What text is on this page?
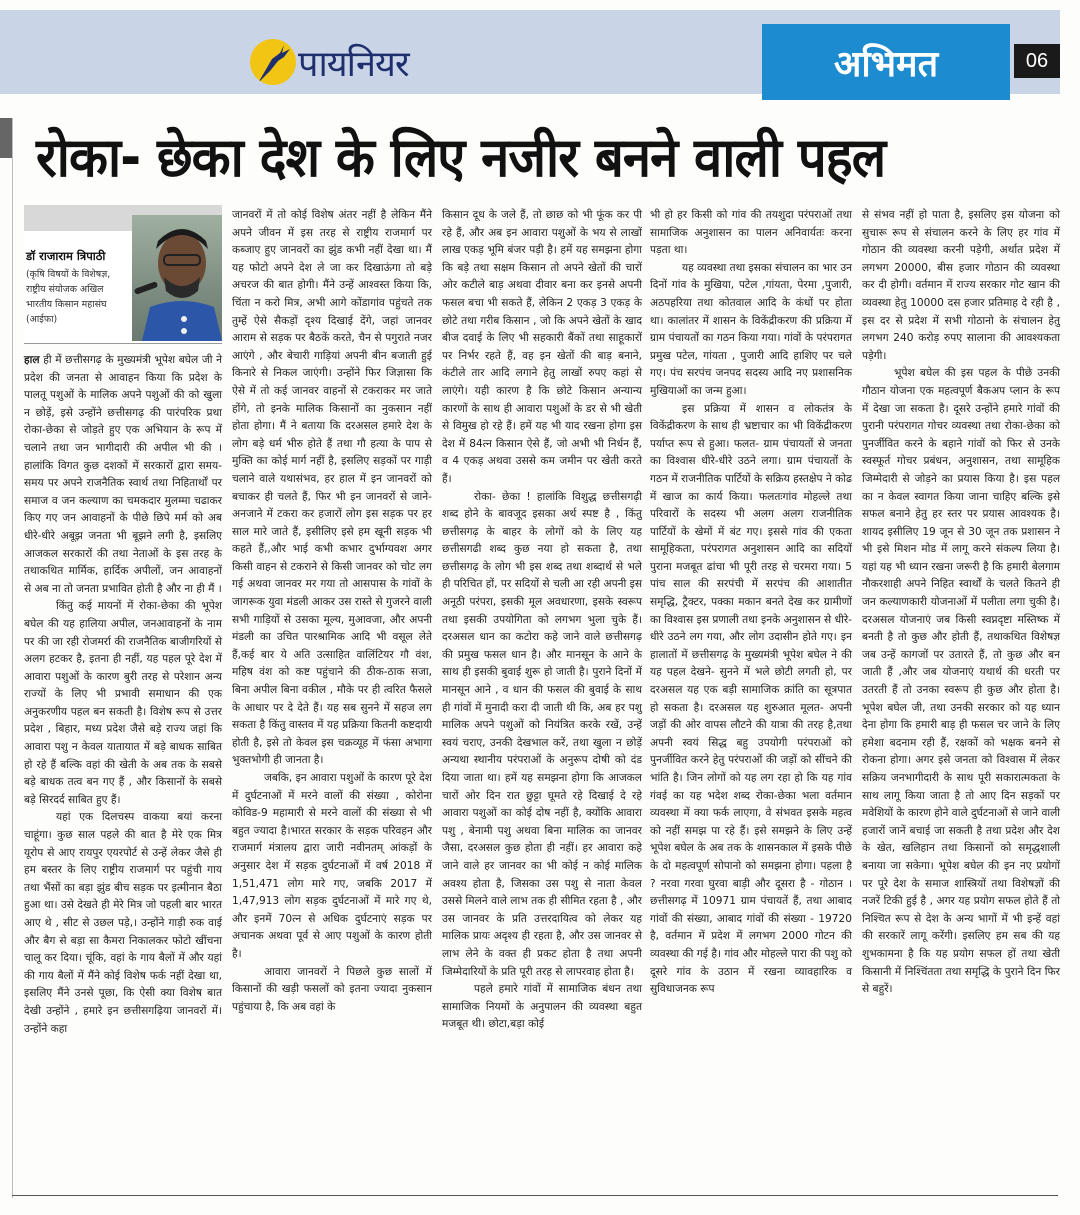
पायनियर	अभिमत	06
रोका- छेका देश के लिए नजीर बनने वाली पहल
डॉ राजाराम त्रिपाठी
(कृषि विषयों के विशेषज्ञ, राष्ट्रीय संयोजक अखिल भारतीय किसान महासंघ (आईफा)

हाल ही में छत्तीसगढ़ के मुख्यमंत्री भूपेश बघेल जी ने प्रदेश की जनता से आवाहन किया कि प्रदेश के पालतू पशुओं के मालिक अपने पशुओं की को खुला न छोड़ें, इसे उन्होंने छत्तीसगढ़ की पारंपरिक प्रथा रोका-छेका से जोड़ते हुए एक अभियान के रूप में चलाने तथा जन भागीदारी की अपील भी की । हालांकि विगत कुछ दशकों में सरकारों द्वारा समय-समय पर अपने राजनैतिक स्वार्थ तथा निहितार्थों पर समाज व जन कल्याण का चमकदार मुलम्मा चढाकर किए गए जन आवाहनों के पीछे छिपे मर्म को अब धीरे-धीरे अबूझ जनता भी बूझने लगी है, इसलिए आजकल सरकारों की तथा नेताओं के इस तरह के तथाकथित मार्मिक, हार्दिक अपीलों, जन आवाहनों से अब ना तो जनता प्रभावित होती है और ना ही मैं ।

किंतु कई मायनों में रोका-छेका की भूपेश बघेल की यह हालिया अपील, जनआवाहनों के नाम पर की जा रही रोजमर्रा की राजनैतिक बाजीगरियों से अलग हटकर है, इतना ही नहीं, यह पहल पूरे देश में आवारा पशुओं के कारण बुरी तरह से परेशान अन्य राज्यों के लिए भी प्रभावी समाधान की एक अनुकरणीय पहल बन सकती है। विशेष रूप से उत्तर प्रदेश , बिहार, मध्य प्रदेश जैसे बड़े राज्य जहां कि आवारा पशु न केवल यातायात में बड़े बाधक साबित हो रहे हैं बल्कि वहां की खेती के अब तक के सबसे बड़े बाधक तत्व बन गए हैं , और किसानों के सबसे बड़े सिरदर्द साबित हुए हैं।

यहां एक दिलचस्प वाकया बयां करना चाहूंगा। कुछ साल पहले की बात है मेरे एक मित्र यूरोप से आए रायपुर एयरपोर्ट से उन्हें लेकर जैसे ही हम बस्तर के लिए राष्ट्रीय राजमार्ग पर पहुंची गाय तथा भैंसों का बड़ा झुंड बीच सड़क पर इत्मीनान बैठा हुआ था। उसे देखते ही मेरे मित्र जो पहली बार भारत आए थे , सीट से उछल पड़े,। उन्होंने गाड़ी रुक वाई और बैग से बड़ा सा कैमरा निकालकर फोटो खींचना चालू कर दिया। चूंकि, वहां के गाय बैलों में और यहां की गाय बैलों में मैंने कोई विशेष फर्क नहीं देखा था, इसलिए मैंने उनसे पूछा, कि ऐसी क्या विशेष बात देखी उन्होंने , हमारे इन छत्तीसगढ़िया जानवरों में। उन्होंने कहा

जानवरों में तो कोई विशेष अंतर नहीं है लेकिन मैंने अपने जीवन में इस तरह से राष्ट्रीय राजमार्ग पर कब्जाए हुए जानवरों का झुंड कभी नहीं देखा था। मैं यह फोटो अपने देश ले जा कर दिखाऊंगा तो बड़े अचरज की बात होगी। मैंने उन्हें आश्वस्त किया कि, चिंता न करो मित्र, अभी आगे कोंडागांव पहुंचते तक तुम्हें ऐसे सैकड़ों दृश्य दिखाई देंगे, जहां जानवर आराम से सड़क पर बैठकें करते, चैन से पगुराते नजर आएंगे , और बेचारी गाड़ियां अपनी बीन बजाती हुई किनारे से निकल जाएंगी। उन्होंने फिर जिज्ञासा कि ऐसे में तो कई जानवर वाहनों से टकराकर मर जाते होंगे, तो इनके मालिक किसानों का नुकसान नहीं होता होगा। मैं ने बताया कि दरअसल हमारे देश के लोग बड़े धर्म भीरु होते हैं तथा गौ हत्या के पाप से मुक्ति का कोई मार्ग नहीं है, इसलिए सड़कों पर गाड़ी चलाने वाले यथासंभव, हर हाल में इन जानवरों को बचाकर ही चलते हैं, फिर भी इन जानवरों से जाने-अनजाने में टकरा कर हजारों लोग इस सड़क पर हर साल मारे जाते हैं, इसीलिए इसे हम खूनी सड़क भी कहते हैं,,और भाई कभी कभार दुर्भाग्यवश अगर किसी वाहन से टकराने से किसी जानवर को चोट लग गई अथवा जानवर मर गया तो आसपास के गांवों के जागरूक युवा मंडली आकर उस रास्ते से गुजरने वाली सभी गाड़ियों से उसका मूल्य, मुआवजा, और अपनी मंडली का उचित पारश्रामिक आदि भी वसूल लेते हैं,कई बार ये अति उत्साहित वालिंटियर गौ वंश, महिष वंश को कष्ट पहुंचाने की ठीक-ठाक सजा, बिना अपील बिना वकील , मौके पर ही त्वरित फैसले के आधार पर दे देते हैं। यह सब सुनने में सहज लग सकता है किंतु वास्तव में यह प्रक्रिया कितनी कष्टदायी होती है, इसे तो केवल इस चक्रव्यूह में फंसा अभागा भुक्तभोगी ही जानता है।

जबकि, इन आवारा पशुओं के कारण पूरे देश में दुर्घटनाओं में मरने वालों की संख्या , कोरोना कोविड-9 महामारी से मरने वालों की संख्या से भी बहुत ज्यादा है।भारत सरकार के सड़क परिवहन और राजमार्ग मंत्रालय द्वारा जारी नवीनतम् आंकड़ों के अनुसार देश में सड़क दुर्घटनाओं में वर्ष 2018 में 1,51,471 लोग मारे गए, जबकि 2017 में 1,47,913 लोग सड़क दुर्घटनाओं में मारे गए थे, और इनमें 70त्न से अधिक दुर्घटनाएं सड़क पर अचानक अथवा पूर्व से आए पशुओं के कारण होती है।

आवारा जानवरों ने पिछले कुछ सालों में किसानों की खड़ी फसलों को इतना ज्यादा नुकसान पहुंचाया है, कि अब वहां के

किसान दूध के जले हैं, तो छाछ को भी फूंक कर पी रहे हैं, और अब इन आवारा पशुओं के भय से लाखों लाख एकड़ भूमि बंजर पड़ी है। हमें यह समझना होगा कि बड़े तथा सक्षम किसान तो अपने खेतों की चारों ओर कटीले बाड़ अथवा दीवार बना कर इनसे अपनी फसल बचा भी सकते हैं, लेकिन 2 एकड़ 3 एकड़ के छोटे तथा गरीब किसान , जो कि अपने खेतों के खाद बीज दवाई के लिए भी सहकारी बैंकों तथा साहूकारों पर निर्भर रहते हैं, वह इन खेतों की बाड़ बनाने, कंटीले तार आदि लगाने हेतु लाखों रुपए कहां से लाएंगे। यही कारण है कि छोटे किसान अन्यान्य कारणों के साथ ही आवारा पशुओं के डर से भी खेती से विमुख हो रहे हैं। हमें यह भी याद रखना होगा इस देश में 84त्न किसान ऐसे हैं, जो अभी भी निर्धन हैं, व 4 एकड़ अथवा उससे कम जमीन पर खेती करते हैं।

रोका- छेका ! हालांकि विशुद्ध छत्तीसगढ़ी शब्द होने के बावजूद इसका अर्थ स्पष्ट है , किंतु छत्तीसगढ़ के बाहर के लोगों को के लिए यह छत्तीसगढी शब्द कुछ नया हो सकता है, तथा छत्तीसगढ़ के लोग भी इस शब्द तथा शब्दार्थ से भले ही परिचित हों, पर सदियों से चली आ रही अपनी इस अनूठी परंपरा, इसकी मूल अवधारणा, इसके स्वरूप तथा इसकी उपयोगिता को लगभग भुला चुके हैं। दरअसल धान का कटोरा कहे जाने वाले छत्तीसगढ़ की प्रमुख फसल धान है। और मानसून के आने के साथ ही इसकी बुवाई शुरू हो जाती है। पुराने दिनों में मानसून आने , व धान की फसल की बुवाई के साथ ही गांवों में मुनादी करा दी जाती थी कि, अब हर पशु मालिक अपने पशुओं को नियंत्रित करके रखें, उन्हें स्वयं चराए, उनकी देखभाल करें, तथा खुला न छोड़ें अन्यथा स्थानीय परंपराओं के अनुरूप दोषी को दंड दिया जाता था। हमें यह समझना होगा कि आजकल चारों ओर दिन रात छुट्टा घूमते रहे दिखाई दे रहे आवारा पशुओं का कोई दोष नहीं है, क्योंकि आवारा पशु , बेनामी पशु अथवा बिना मालिक का जानवर जैसा, दरअसल कुछ होता ही नहीं। हर आवारा कहे जाने वाले हर जानवर का भी कोई न कोई मालिक अवश्य होता है, जिसका उस पशु से नाता केवल उससे मिलने वाले लाभ तक ही सीमित रहता है , और उस जानवर के प्रति उत्तरदायित्व को लेकर यह मालिक प्रायः अदृश्य ही रहता है, और उस जानवर से लाभ लेने के वक्त ही प्रकट होता है तथा अपनी जिम्मेदारियों के प्रति पूरी तरह से लापरवाह होता है।

पहले हमारे गांवों में सामाजिक बंधन तथा सामाजिक नियमों के अनुपालन की व्यवस्था बहुत मजबूत थी। छोटा,बड़ा कोई

भी हो हर किसी को गांव की तयशुदा परंपराओं तथा सामाजिक अनुशासन का पालन अनिवार्यतः करना पड़ता था।

यह व्यवस्था तथा इसका संचालन का भार उन दिनों गांव के मुखिया, पटेल ,गांयता, पेरमा ,पुजारी, अठपहरिया तथा कोतवाल आदि के कंधों पर होता था। कालांतर में शासन के विकेंद्रीकरण की प्रक्रिया में ग्राम पंचायतों का गठन किया गया। गांवों के परंपरागत प्रमुख पटेल, गांयता , पुजारी आदि हाशिए पर चले गए। पंच सरपंच जनपद सदस्य आदि नए प्रशासनिक मुखियाओं का जन्म हुआ।

इस प्रक्रिया में शासन व लोकतंत्र के विकेंद्रीकरण के साथ ही भ्रष्टाचार का भी विकेंद्रीकरण पर्याप्त रूप से हुआ। फलत- ग्राम पंचायतों से जनता का विश्वास धीरे-धीरे उठने लगा। ग्राम पंचायतों के गठन में राजनीतिक पार्टियों के सक्रिय हस्तक्षेप ने कोढ में खाज का कार्य किया। फलतःगांव मोहल्ले तथा परिवारों के सदस्य भी अलग अलग राजनीतिक पार्टियों के खेमों में बंट गए। इससे गांव की एकता सामूहिकता, परंपरागत अनुशासन आदि का सदियों पुराना मजबूत ढांचा भी पूरी तरह से चरमरा गया। 5 पांच साल की सरपंची में सरपंच की आशातीत समृद्धि, ट्रैक्टर, पक्का मकान बनते देख कर ग्रामीणों का विश्वास इस प्रणाली तथा इनके अनुशासन से धीरे-धीरे उठने लग गया, और लोग उदासीन होते गए। इन हालातों में छत्तीसगढ़ के मुख्यमंत्री भूपेश बघेल ने की यह पहल देखने- सुनने में भले छोटी लगती हो, पर दरअसल यह एक बड़ी सामाजिक क्रांति का सूत्रपात हो सकता है। दरअसल यह शुरुआत मूलत- अपनी जड़ों की ओर वापस लौटने की यात्रा की तरह है,तथा अपनी स्वयं सिद्ध बहु उपयोगी परंपराओं को पुनर्जीवित करने हेतु परंपराओं की जड़ों को सींचने की भांति है। जिन लोगों को यह लग रहा हो कि यह गांव गंवई का यह भदेश शब्द रोका-छेका भला वर्तमान व्यवस्था में क्या फर्क लाएगा, वे संभवत इसके महत्व को नहीं समझ पा रहे हैं। इसे समझने के लिए उन्हें भूपेश बघेल के अब तक के शासनकाल में इसके पीछे के दो महत्वपूर्ण सोपानो को समझना होगा। पहला है ? नरवा गरवा घुरवा बाड़ी और दूसरा है - गोठान । छत्तीसगढ़ में 10971 ग्राम पंचायतें हैं, तथा आबाद गांवों की संख्या, आबाद गांवों की संख्या - 19720 है, वर्तमान में प्रदेश में लगभग 2000 गोटन की व्यवस्था की गई है। गांव और मोहल्ले पारा की पशु को दूसरे गांव के उठान में रखना व्यावहारिक व सुविधाजनक रूप

से संभव नहीं हो पाता है, इसलिए इस योजना को सुचारू रूप से संचालन करने के लिए हर गांव में गोठान की व्यवस्था करनी पड़ेगी, अर्थात प्रदेश में लगभग 20000, बीस हजार गोठान की व्यवस्था कर दी होगी। वर्तमान में राज्य सरकार गोट खान की व्यवस्था हेतु 10000 दस हजार प्रतिमाह दे रही है , इस दर से प्रदेश में सभी गोठानो के संचालन हेतु लगभग 240 करोड़ रुपए सालाना की आवश्यकता पड़ेगी।

भूपेश बघेल की इस पहल के पीछे उनकी गौठान योजना एक महत्वपूर्ण बैकअप प्लान के रूप में देखा जा सकता है। दूसरे उन्होंने हमारे गांवों की पुरानी परंपरागत गोचर व्यवस्था तथा रोका-छेका को पुनर्जीवित करने के बहाने गांवों को फिर से उनके स्वस्फूर्त गोचर प्रबंधन, अनुशासन, तथा सामूहिक जिम्मेदारी से जोड़ने का प्रयास किया है। इस पहल का न केवल स्वागत किया जाना चाहिए बल्कि इसे सफल बनाने हेतु हर स्तर पर प्रयास आवश्यक है। शायद इसीलिए 19 जून से 30 जून तक प्रशासन ने भी इसे मिशन मोड में लागू करने संकल्प लिया है। यहां यह भी ध्यान रखना जरूरी है कि हमारी बेलगाम नौकरशाही अपने निहित स्वार्थों के चलते कितने ही जन कल्याणकारी योजनाओं में पलीता लगा चुकी है। दरअसल योजनाएं जब किसी स्वप्नदृष्टा मस्तिष्क में बनती है तो कुछ और होती हैं, तथाकथित विशेषज्ञ जब उन्हें कागजों पर उतारते हैं, तो कुछ और बन जाती हैं ,और जब योजनाएं यथार्थ की धरती पर उतरती हैं तो उनका स्वरूप ही कुछ और होता है। भूपेश बघेल जी, तथा उनकी सरकार को यह ध्यान देना होगा कि हमारी बाड़ ही फसल चर जाने के लिए हमेशा बदनाम रही हैं, रक्षकों को भक्षक बनने से रोकना होगा। अगर इसे जनता को विश्वास में लेकर सक्रिय जनभागीदारी के साथ पूरी सकारात्मकता के साथ लागू किया जाता है तो आए दिन सड़कों पर मवेशियों के कारण होने वाले दुर्घटनाओं से जाने वाली हजारों जानें बचाई जा सकती है तथा प्रदेश और देश के खेत, खलिहान तथा किसानों को समृद्धशाली बनाया जा सकेगा। भूपेश बघेल की इन नए प्रयोगों पर पूरे देश के समाज शास्त्रियों तथा विशेषज्ञों की नजरें टिकी हुई है , अगर यह प्रयोग सफल होते हैं तो निश्चित रूप से देश के अन्य भागों में भी इन्हें वहां की सरकारें लागू करेंगी। इसलिए हम सब की यह शुभकामना है कि यह प्रयोग सफल हों तथा खेती किसानी में निश्चिंतता तथा समृद्धि के पुराने दिन फिर से बहुरें।
